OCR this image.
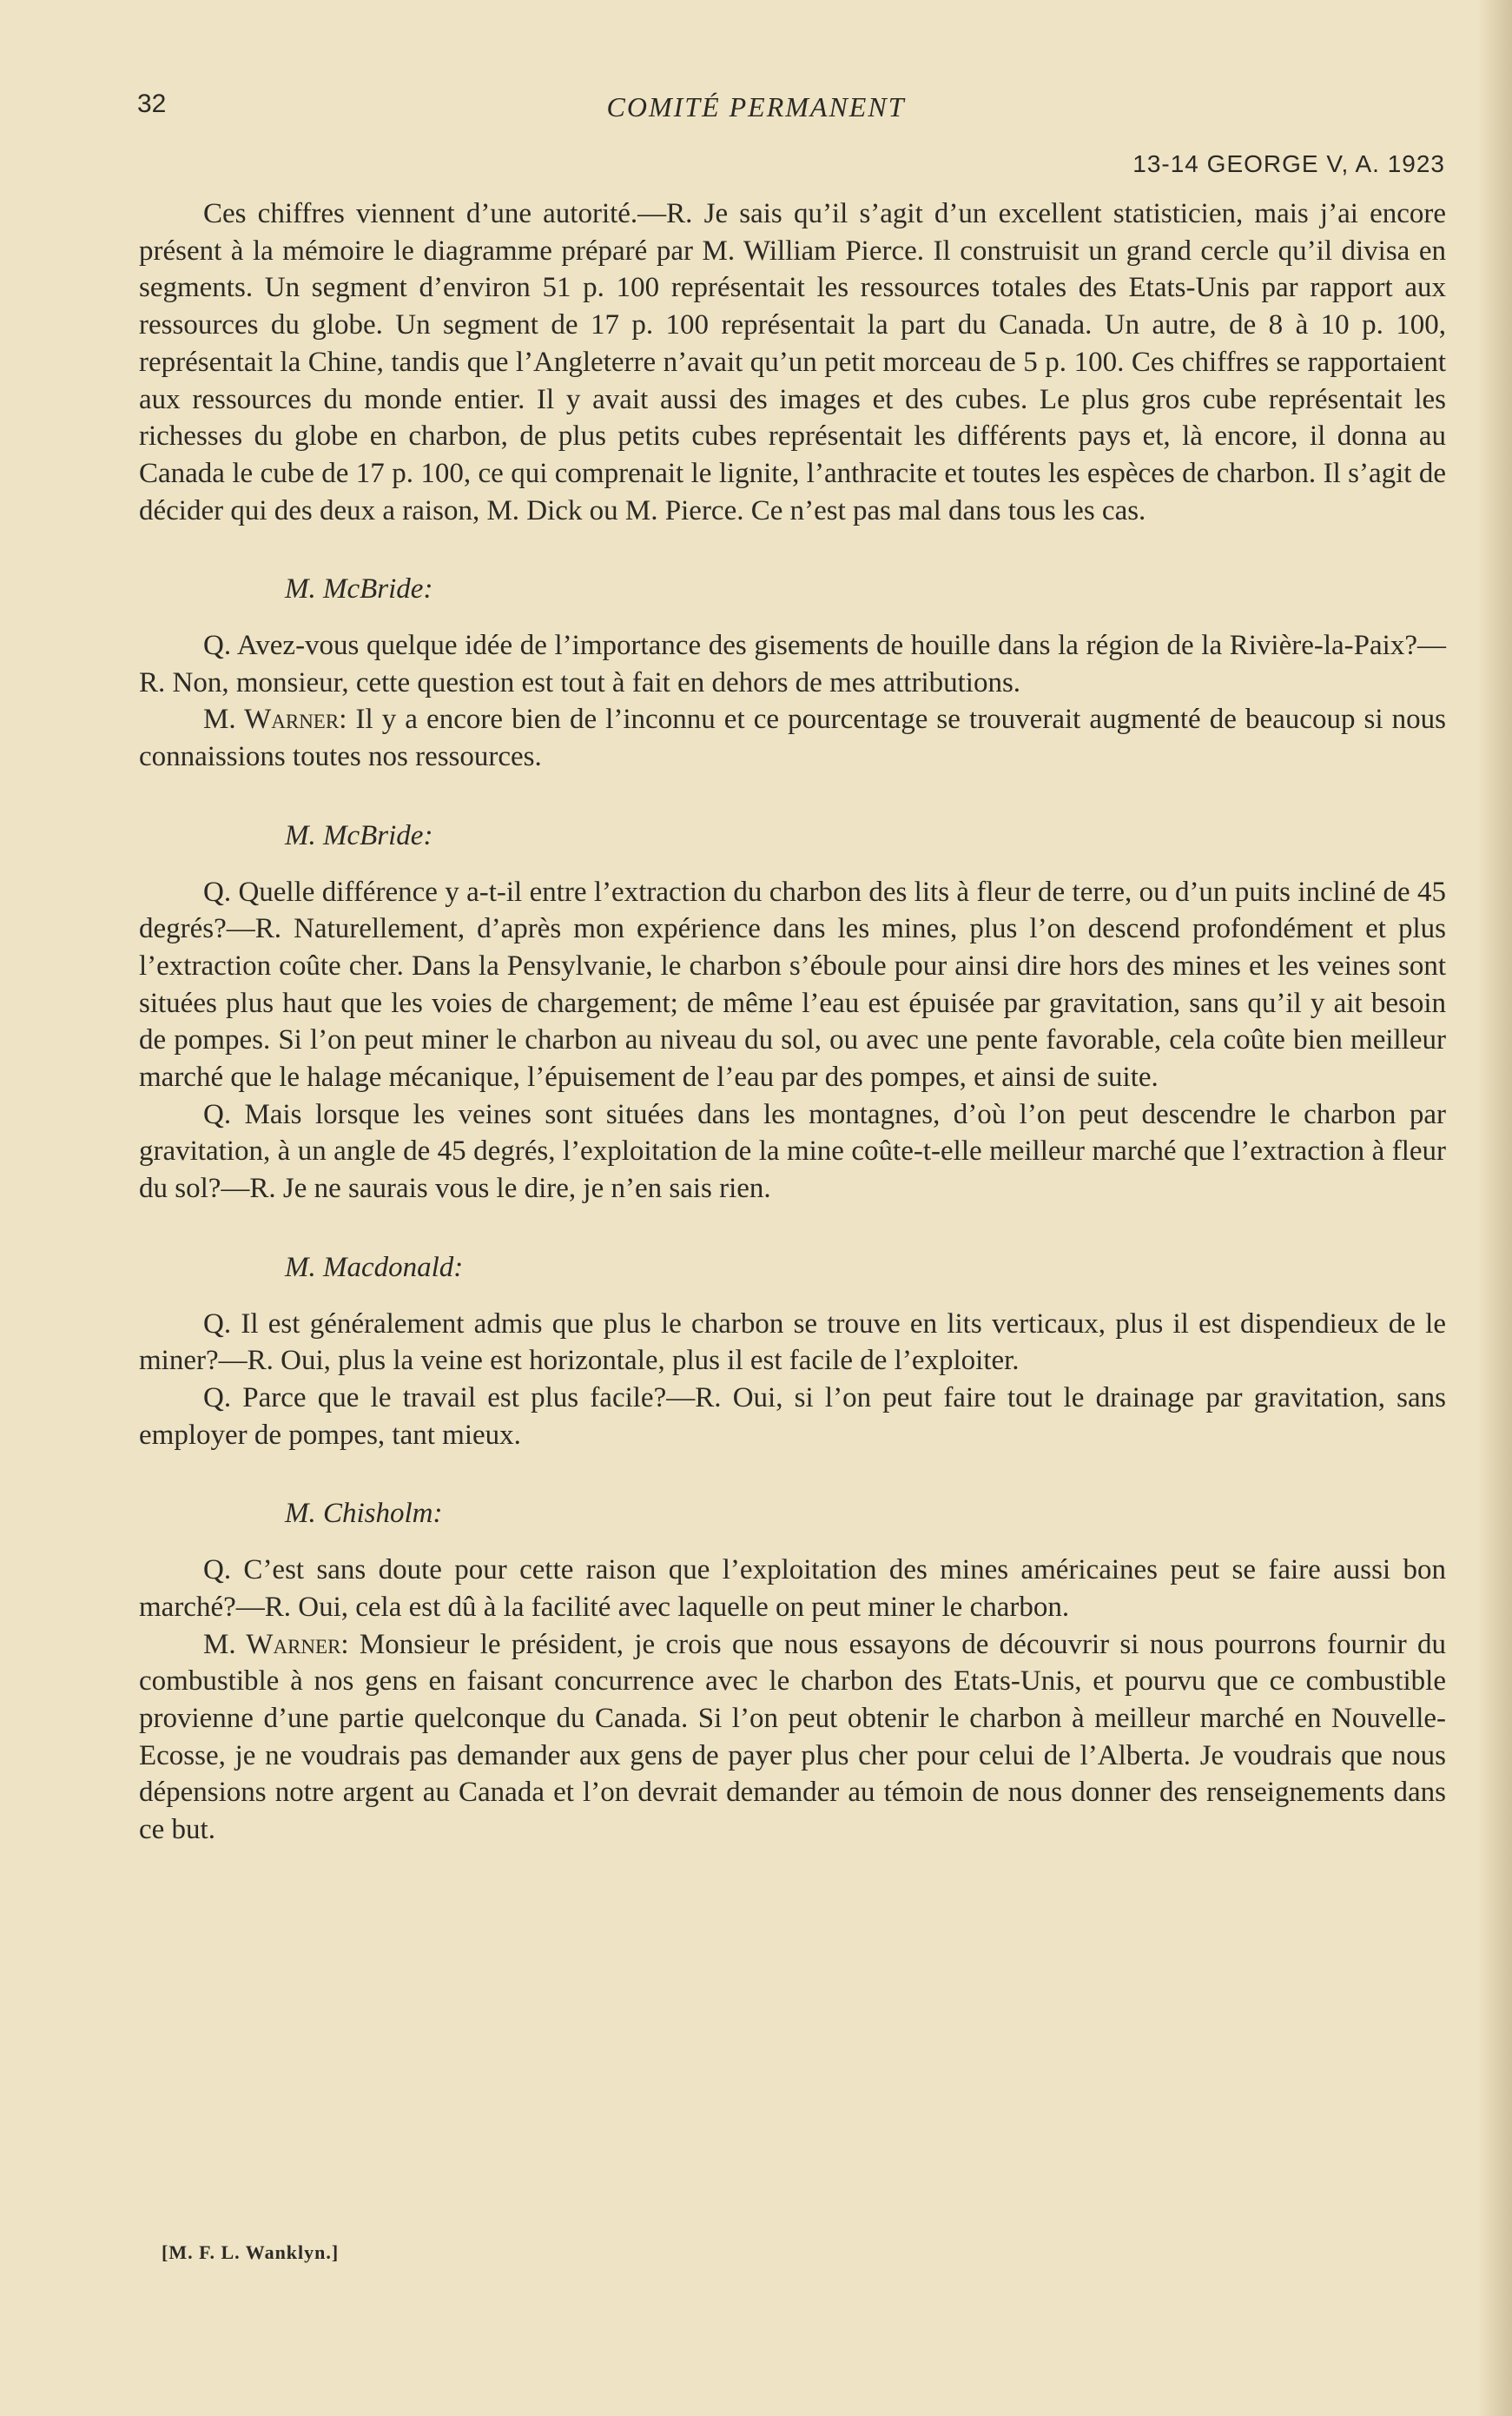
32	COMITÉ PERMANENT
13-14 GEORGE V, A. 1923

Ces chiffres viennent d’une autorité.—R. Je sais qu’il s’agit d’un excellent statisticien, mais j’ai encore présent à la mémoire le diagramme préparé par M. William Pierce. Il construisit un grand cercle qu’il divisa en segments. Un segment d’environ 51 p. 100 représentait les ressources totales des Etats-Unis par rapport aux ressources du globe. Un segment de 17 p. 100 représentait la part du Canada. Un autre, de 8 à 10 p. 100, représentait la Chine, tandis que l’Angleterre n’avait qu’un petit morceau de 5 p. 100. Ces chiffres se rapportaient aux ressources du monde entier. Il y avait aussi des images et des cubes. Le plus gros cube représentait les richesses du globe en charbon, de plus petits cubes représentait les différents pays et, là encore, il donna au Canada le cube de 17 p. 100, ce qui comprenait le lignite, l’anthracite et toutes les espèces de charbon. Il s’agit de décider qui des deux a raison, M. Dick ou M. Pierce. Ce n’est pas mal dans tous les cas.

M. McBride:

Q. Avez-vous quelque idée de l’importance des gisements de houille dans la région de la Rivière-la-Paix?—R. Non, monsieur, cette question est tout à fait en dehors de mes attributions.

M. Warner: Il y a encore bien de l’inconnu et ce pourcentage se trouverait augmenté de beaucoup si nous connaissions toutes nos ressources.

M. McBride:

Q. Quelle différence y a-t-il entre l’extraction du charbon des lits à fleur de terre, ou d’un puits incliné de 45 degrés?—R. Naturellement, d’après mon expérience dans les mines, plus l’on descend profondément et plus l’extraction coûte cher. Dans la Pensylvanie, le charbon s’éboule pour ainsi dire hors des mines et les veines sont situées plus haut que les voies de chargement; de même l’eau est épuisée par gravitation, sans qu’il y ait besoin de pompes. Si l’on peut miner le charbon au niveau du sol, ou avec une pente favorable, cela coûte bien meilleur marché que le halage mécanique, l’épuisement de l’eau par des pompes, et ainsi de suite.

Q. Mais lorsque les veines sont situées dans les montagnes, d’où l’on peut descendre le charbon par gravitation, à un angle de 45 degrés, l’exploitation de la mine coûte-t-elle meilleur marché que l’extraction à fleur du sol?—R. Je ne saurais vous le dire, je n’en sais rien.

M. Macdonald:

Q. Il est généralement admis que plus le charbon se trouve en lits verticaux, plus il est dispendieux de le miner?—R. Oui, plus la veine est horizontale, plus il est facile de l’exploiter.

Q. Parce que le travail est plus facile?—R. Oui, si l’on peut faire tout le drainage par gravitation, sans employer de pompes, tant mieux.

M. Chisholm:

Q. C’est sans doute pour cette raison que l’exploitation des mines américaines peut se faire aussi bon marché?—R. Oui, cela est dû à la facilité avec laquelle on peut miner le charbon.

M. Warner: Monsieur le président, je crois que nous essayons de découvrir si nous pourrons fournir du combustible à nos gens en faisant concurrence avec le charbon des Etats-Unis, et pourvu que ce combustible provienne d’une partie quelconque du Canada. Si l’on peut obtenir le charbon à meilleur marché en Nouvelle-Ecosse, je ne voudrais pas demander aux gens de payer plus cher pour celui de l’Alberta. Je voudrais que nous dépensions notre argent au Canada et l’on devrait demander au témoin de nous donner des renseignements dans ce but.

[M. F. L. Wanklyn.]
